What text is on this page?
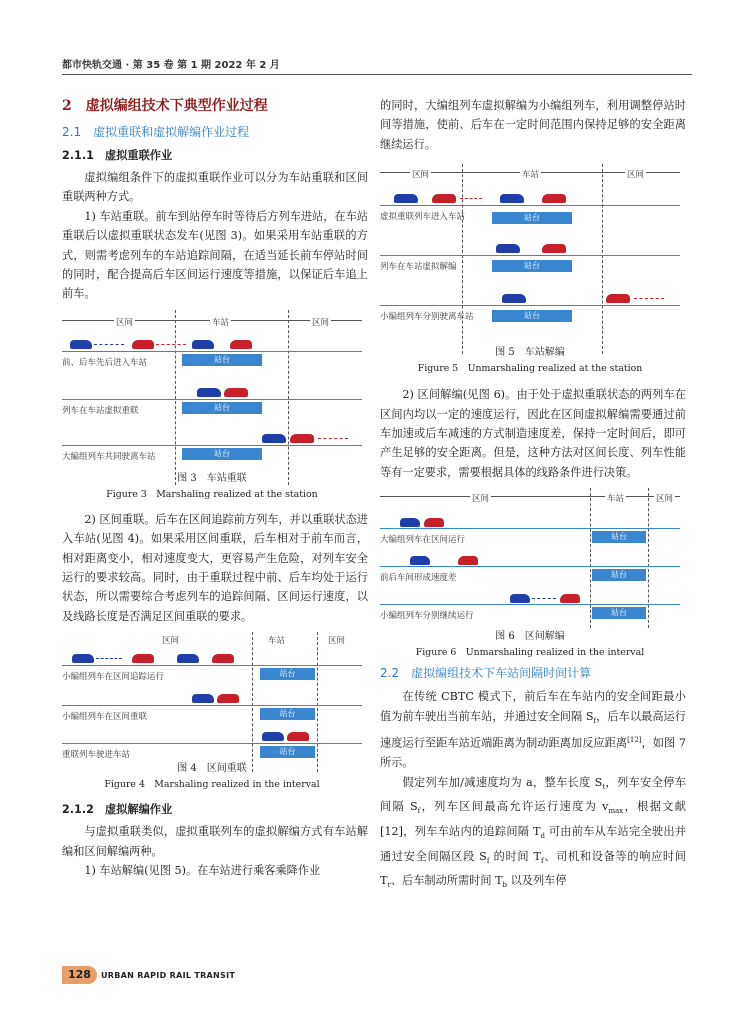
都市快轨交通 · 第 35 卷 第 1 期 2022 年 2 月
2　虚拟编组技术下典型作业过程
2.1　虚拟重联和虚拟解编作业过程
2.1.1　虚拟重联作业

虚拟编组条件下的虚拟重联作业可以分为车站重联和区间重联两种方式。

1) 车站重联。前车到站停车时等待后方列车进站，在车站重联后以虚拟重联状态发车(见图 3)。如果采用车站重联的方式，则需考虑列车的车站追踪间隔，在适当延长前车停站时间的同时，配合提高后车区间运行速度等措施，以保证后车追上前车。

区间	车站	区间
前、后车先后进入车站	站台
列车在车站虚拟重联	站台
大编组列车共同驶离车站	站台
图 3　车站重联
Figure 3　Marshaling realized at the station

2) 区间重联。后车在区间追踪前方列车，并以重联状态进入车站(见图 4)。如果采用区间重联，后车相对于前车而言，相对距离变小，相对速度变大，更容易产生危险，对列车安全运行的要求较高。同时，由于重联过程中前、后车均处于运行状态，所以需要综合考虑列车的追踪间隔、区间运行速度，以及线路长度是否满足区间重联的要求。

区间	车站	区间
小编组列车在区间追踪运行	站台
小编组列车在区间重联	站台
重联列车驶进车站	站台
图 4　区间重联
Figure 4　Marshaling realized in the interval
2.1.2　虚拟解编作业

与虚拟重联类似，虚拟重联列车的虚拟解编方式有车站解编和区间解编两种。

1) 车站解编(见图 5)。在车站进行乘客乘降作业

的同时，大编组列车虚拟解编为小编组列车，利用调整停站时间等措施，使前、后车在一定时间范围内保持足够的安全距离继续运行。

区间	车站	区间
虚拟重联列车进入车站	站台
列车在车站虚拟解编	站台
小编组列车分别驶离车站	站台
图 5　车站解编
Figure 5　Unmarshaling realized at the station

2) 区间解编(见图 6)。由于处于虚拟重联状态的两列车在区间内均以一定的速度运行，因此在区间虚拟解编需要通过前车加速或后车减速的方式制造速度差，保持一定时间后，即可产生足够的安全距离。但是，这种方法对区间长度、列车性能等有一定要求，需要根据具体的线路条件进行决策。

区间	车站	区间
大编组列车在区间运行	站台
前后车间形成速度差	站台
小编组列车分别继续运行	站台
图 6　区间解编
Figure 6　Unmarshaling realized in the interval
2.2　虚拟编组技术下车站间隔时间计算

在传统 CBTC 模式下，前后车在车站内的安全间距最小值为前车驶出当前车站，并通过安全间隔 $S_f$，后车以最高运行速度运行至距车站近端距离为制动距离加反应距离[12]，如图 7 所示。

假定列车加/减速度均为 a，整车长度 $S_t$，列车安全停车间隔 $S_f$，列车区间最高允许运行速度为 $v_{max}$，根据文献[12]，列车车站内的追踪间隔 $T_d$ 可由前车从车站完全驶出并通过安全间隔区段 $S_f$ 的时间 $T_f$、司机和设备等的响应时间 $T_r$、后车制动所需时间 $T_b$ 以及列车停

128	URBAN RAPID RAIL TRANSIT
